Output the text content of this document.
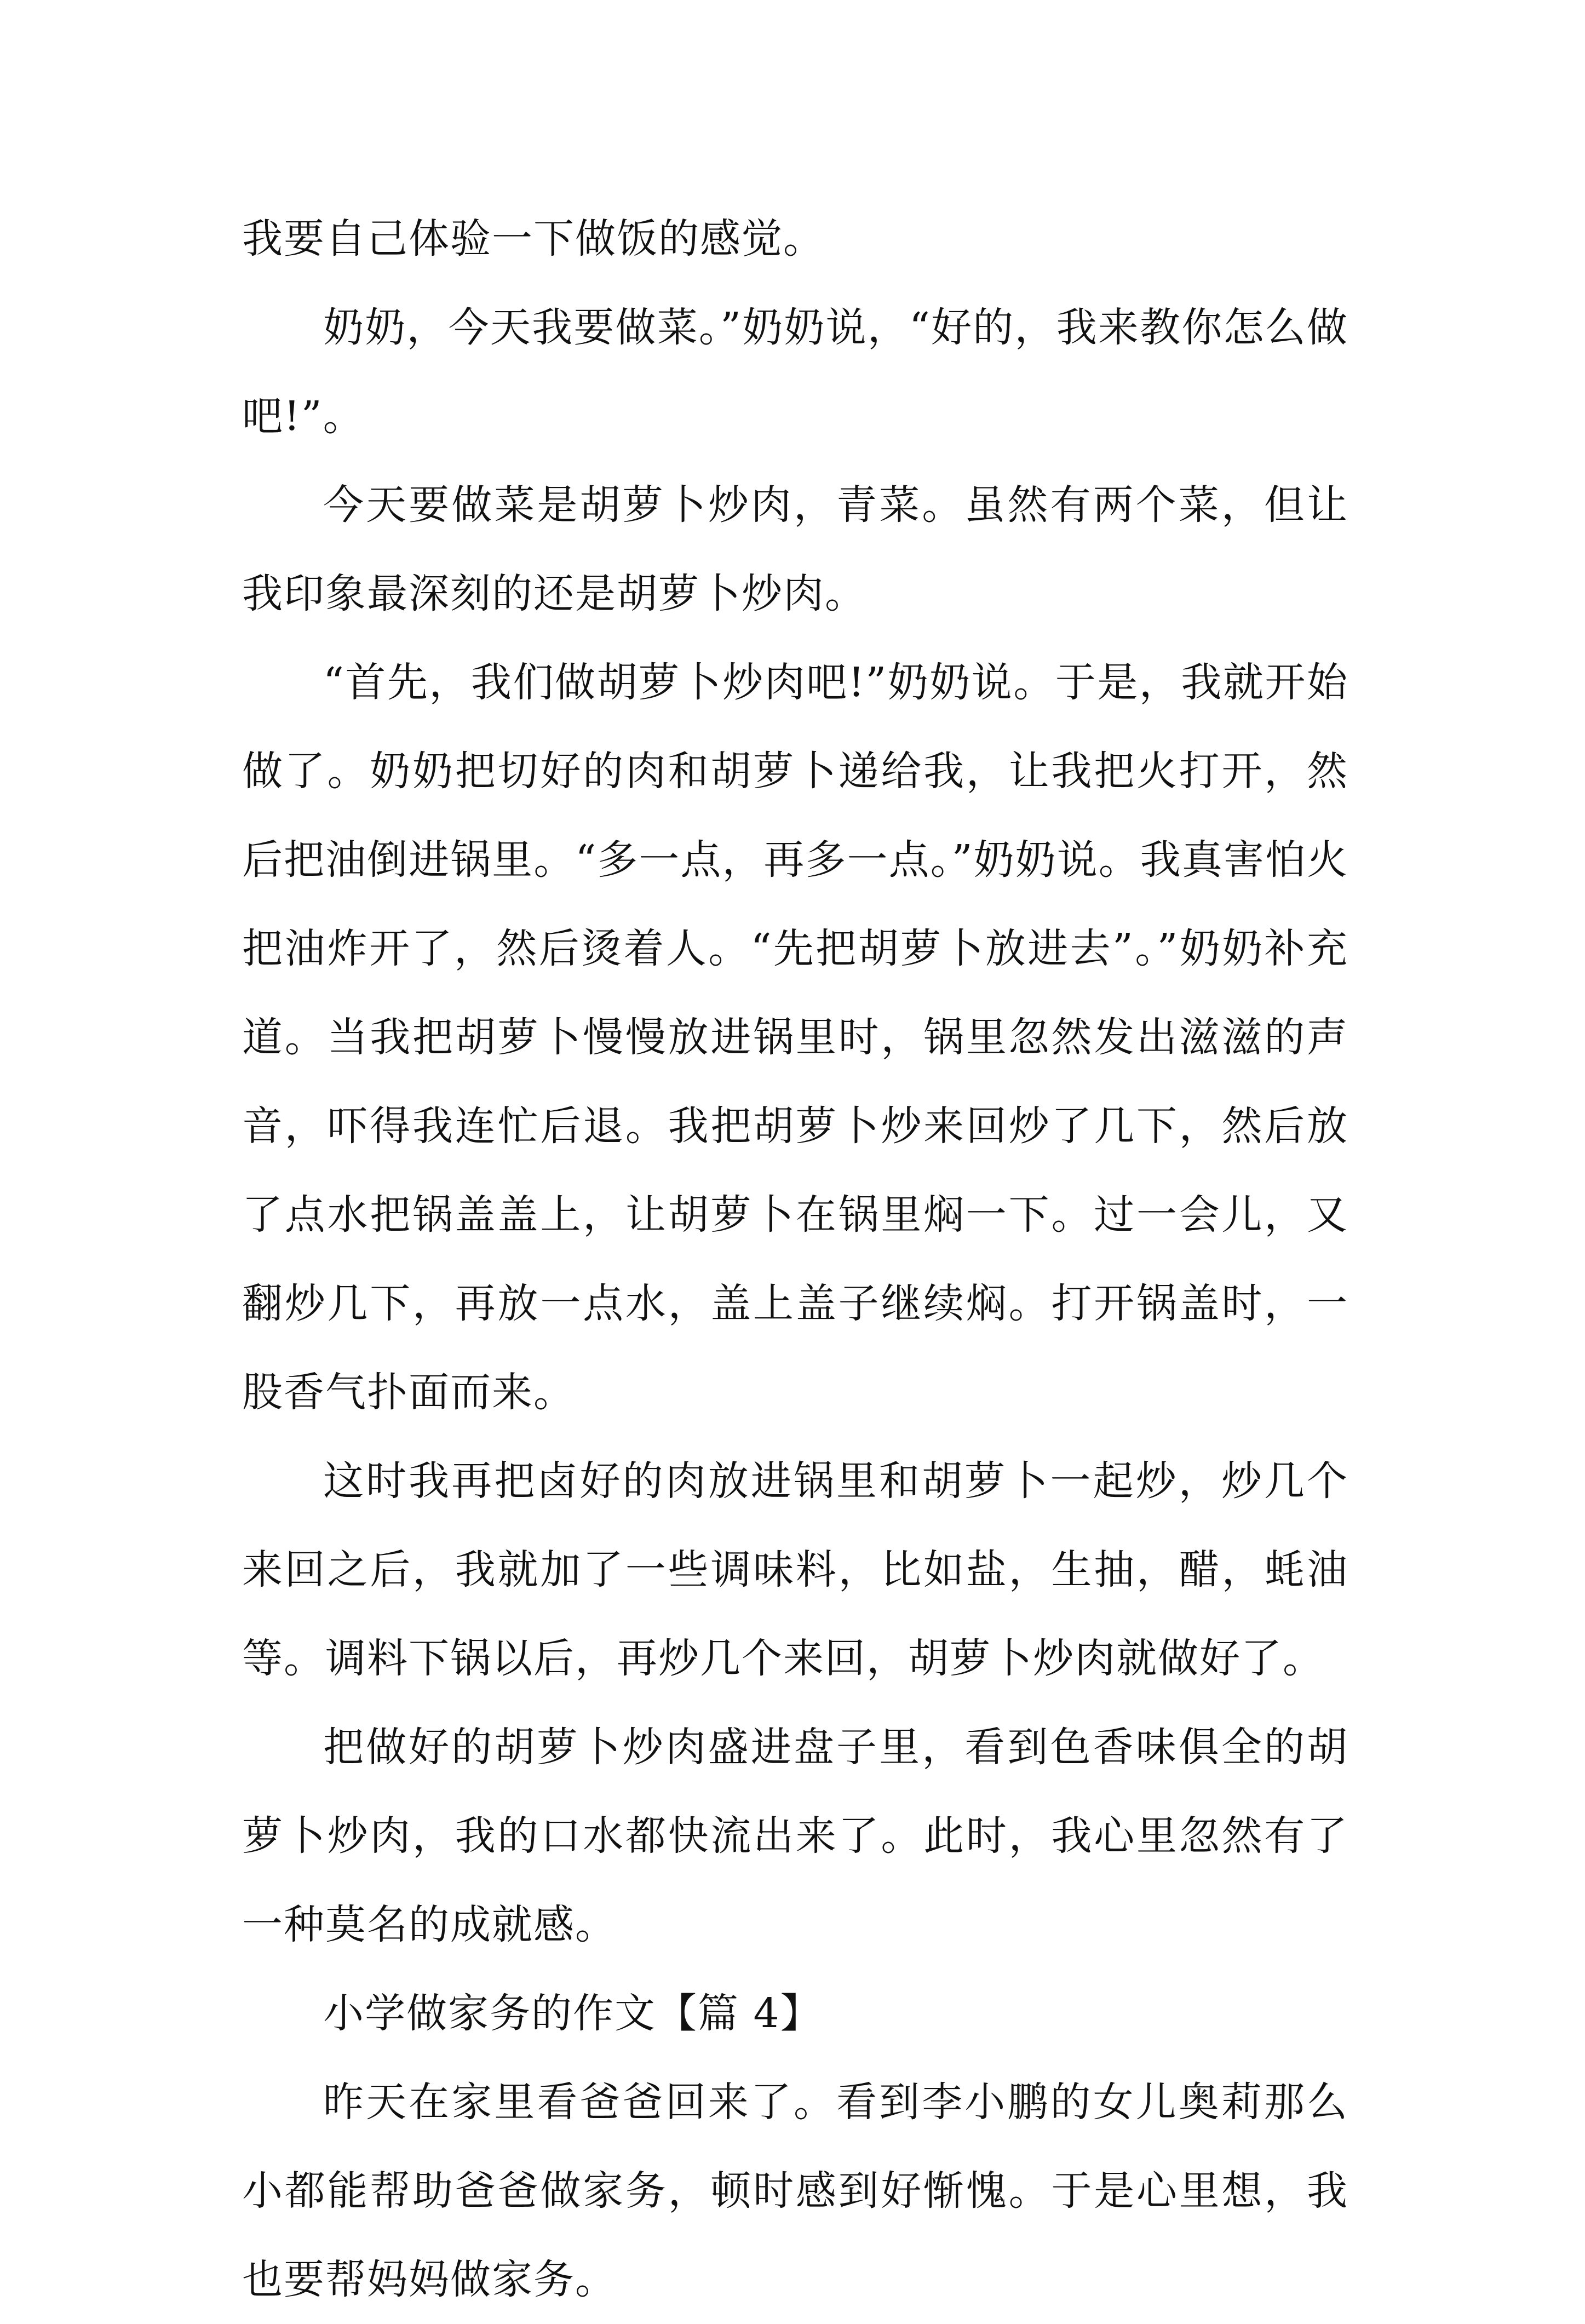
我要自己体验一下做饭的感觉。

奶奶，今天我要做菜。”奶奶说，“好的，我来教你怎么做吧!”。

今天要做菜是胡萝卜炒肉，青菜。虽然有两个菜，但让我印象最深刻的还是胡萝卜炒肉。

“首先，我们做胡萝卜炒肉吧!”奶奶说。于是，我就开始做了。奶奶把切好的肉和胡萝卜递给我，让我把火打开，然后把油倒进锅里。“多一点，再多一点。”奶奶说。我真害怕火把油炸开了，然后烫着人。“先把胡萝卜放进去”。”奶奶补充道。当我把胡萝卜慢慢放进锅里时，锅里忽然发出滋滋的声音，吓得我连忙后退。我把胡萝卜炒来回炒了几下，然后放了点水把锅盖盖上，让胡萝卜在锅里焖一下。过一会儿，又翻炒几下，再放一点水，盖上盖子继续焖。打开锅盖时，一股香气扑面而来。

这时我再把卤好的肉放进锅里和胡萝卜一起炒，炒几个来回之后，我就加了一些调味料，比如盐，生抽，醋，蚝油等。调料下锅以后，再炒几个来回，胡萝卜炒肉就做好了。

把做好的胡萝卜炒肉盛进盘子里，看到色香味俱全的胡萝卜炒肉，我的口水都快流出来了。此时，我心里忽然有了一种莫名的成就感。

小学做家务的作文【篇 4】

昨天在家里看爸爸回来了。看到李小鹏的女儿奥莉那么小都能帮助爸爸做家务，顿时感到好惭愧。于是心里想，我也要帮妈妈做家务。
